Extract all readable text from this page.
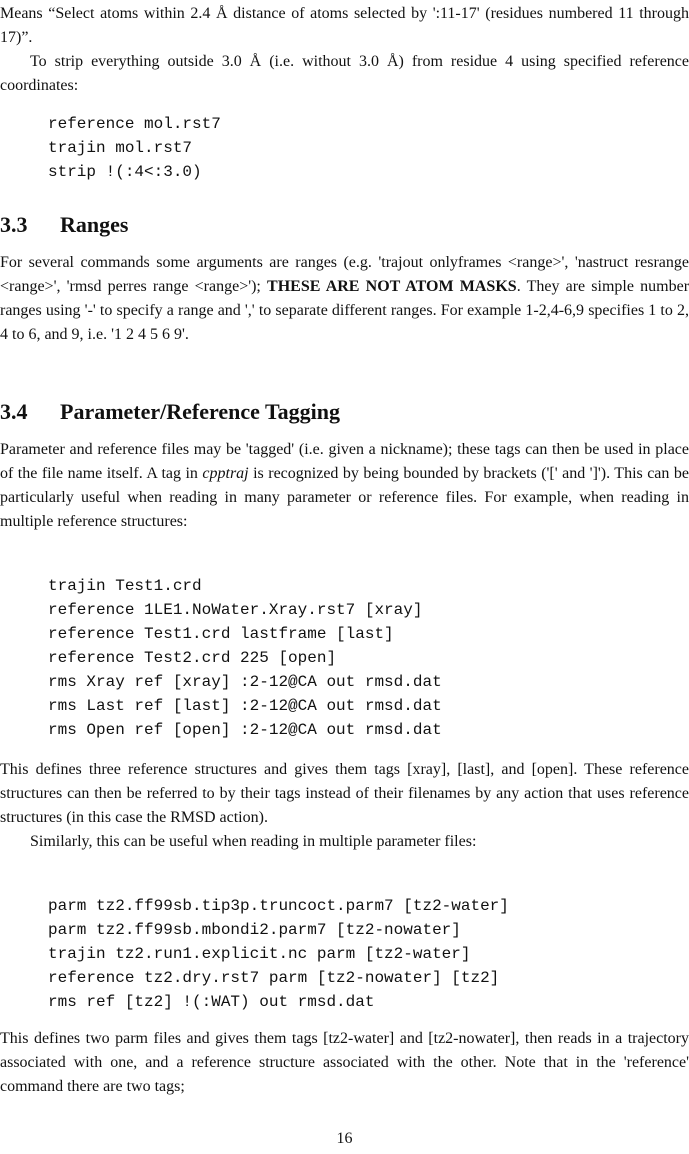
Means “Select atoms within 2.4 Å distance of atoms selected by ':11-17' (residues numbered 11 through 17)”.

To strip everything outside 3.0 Å (i.e. without 3.0 Å) from residue 4 using specified reference coordinates:

reference mol.rst7
trajin mol.rst7
strip !(:4<:3.0)
3.3 Ranges

For several commands some arguments are ranges (e.g. 'trajout onlyframes <range>', 'nastruct resrange <range>', 'rmsd perres range <range>'); THESE ARE NOT ATOM MASKS. They are simple number ranges using '-' to specify a range and ',' to separate different ranges. For example 1-2,4-6,9 specifies 1 to 2, 4 to 6, and 9, i.e. '1 2 4 5 6 9'.

3.4 Parameter/Reference Tagging

Parameter and reference files may be 'tagged' (i.e. given a nickname); these tags can then be used in place of the file name itself. A tag in cpptraj is recognized by being bounded by brackets ('[' and ']'). This can be particularly useful when reading in many parameter or reference files. For example, when reading in multiple reference structures:

trajin Test1.crd
reference 1LE1.NoWater.Xray.rst7 [xray]
reference Test1.crd lastframe [last]
reference Test2.crd 225 [open]
rms Xray ref [xray] :2-12@CA out rmsd.dat
rms Last ref [last] :2-12@CA out rmsd.dat
rms Open ref [open] :2-12@CA out rmsd.dat

This defines three reference structures and gives them tags [xray], [last], and [open]. These reference structures can then be referred to by their tags instead of their filenames by any action that uses reference structures (in this case the RMSD action).

Similarly, this can be useful when reading in multiple parameter files:

parm tz2.ff99sb.tip3p.truncoct.parm7 [tz2-water]
parm tz2.ff99sb.mbondi2.parm7 [tz2-nowater]
trajin tz2.run1.explicit.nc parm [tz2-water]
reference tz2.dry.rst7 parm [tz2-nowater] [tz2]
rms ref [tz2] !(:WAT) out rmsd.dat

This defines two parm files and gives them tags [tz2-water] and [tz2-nowater], then reads in a trajectory associated with one, and a reference structure associated with the other. Note that in the 'reference' command there are two tags;

16
